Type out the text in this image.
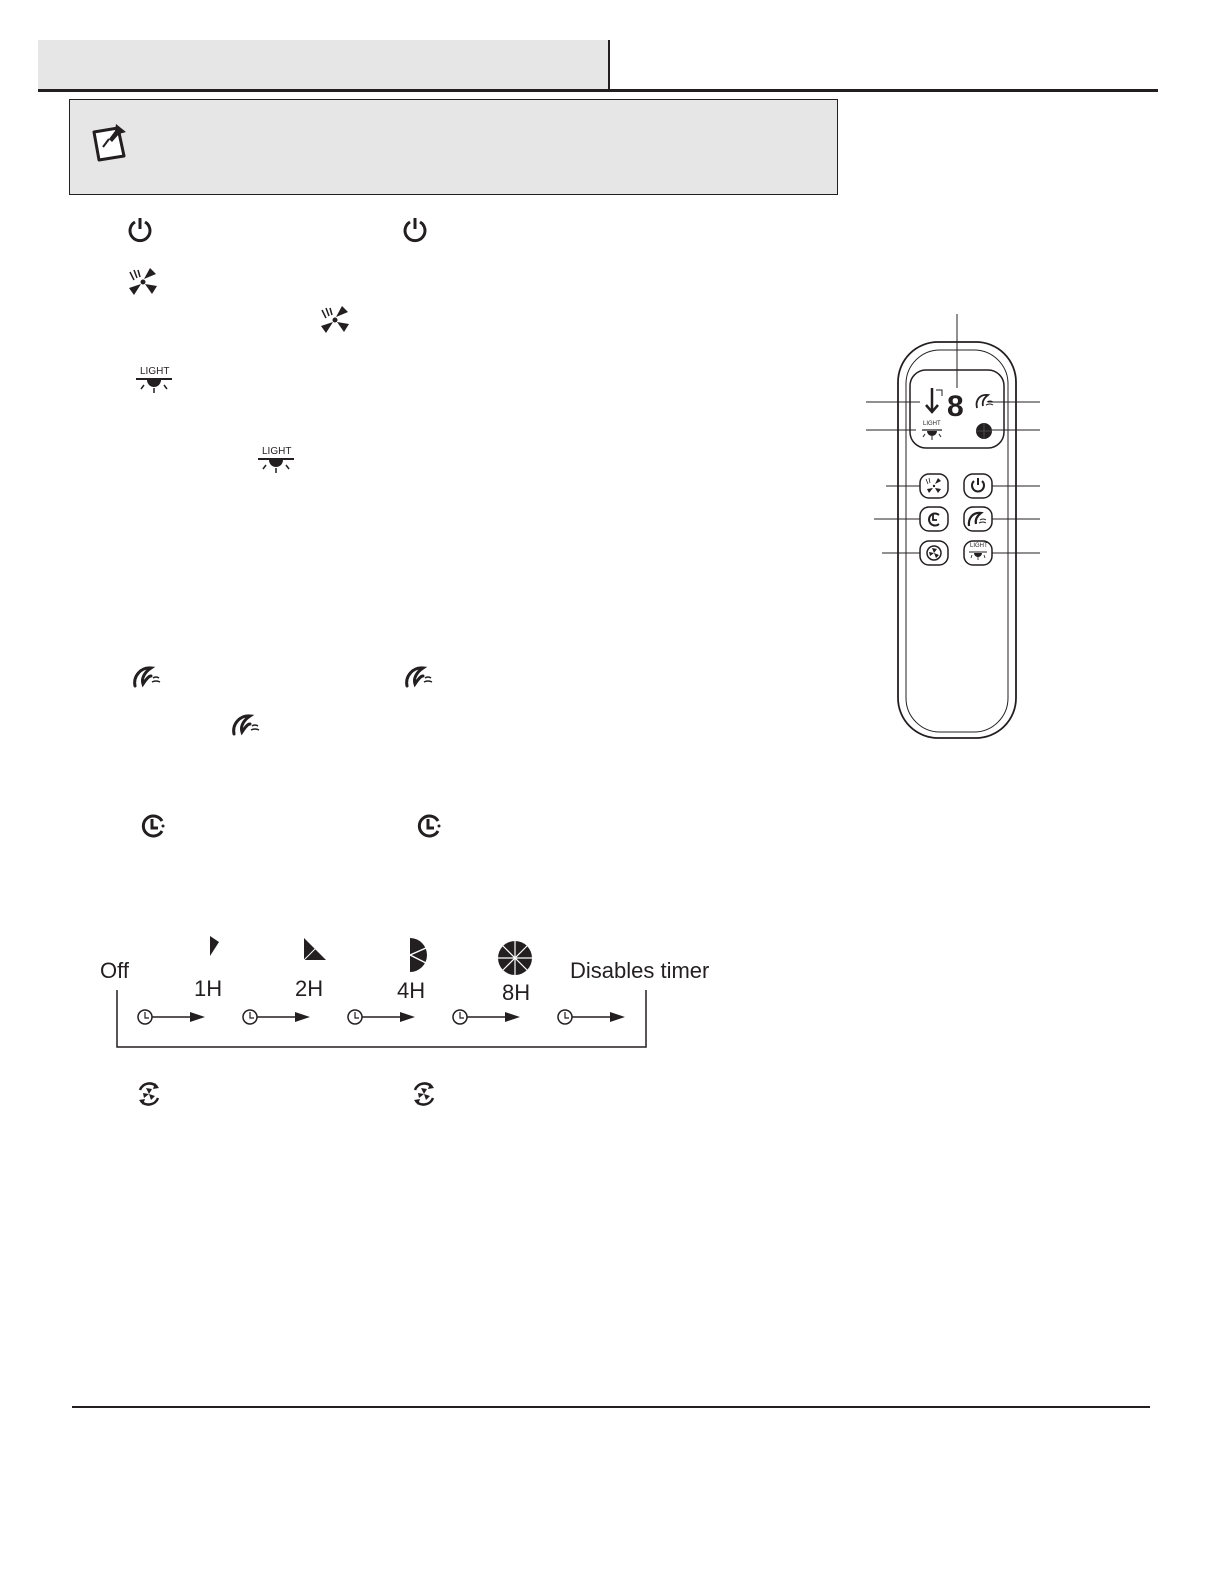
LIGHT
LIGHT
Off	Disables timer
1H	2H	4H	8H
8
LIGHT
LIGHT
